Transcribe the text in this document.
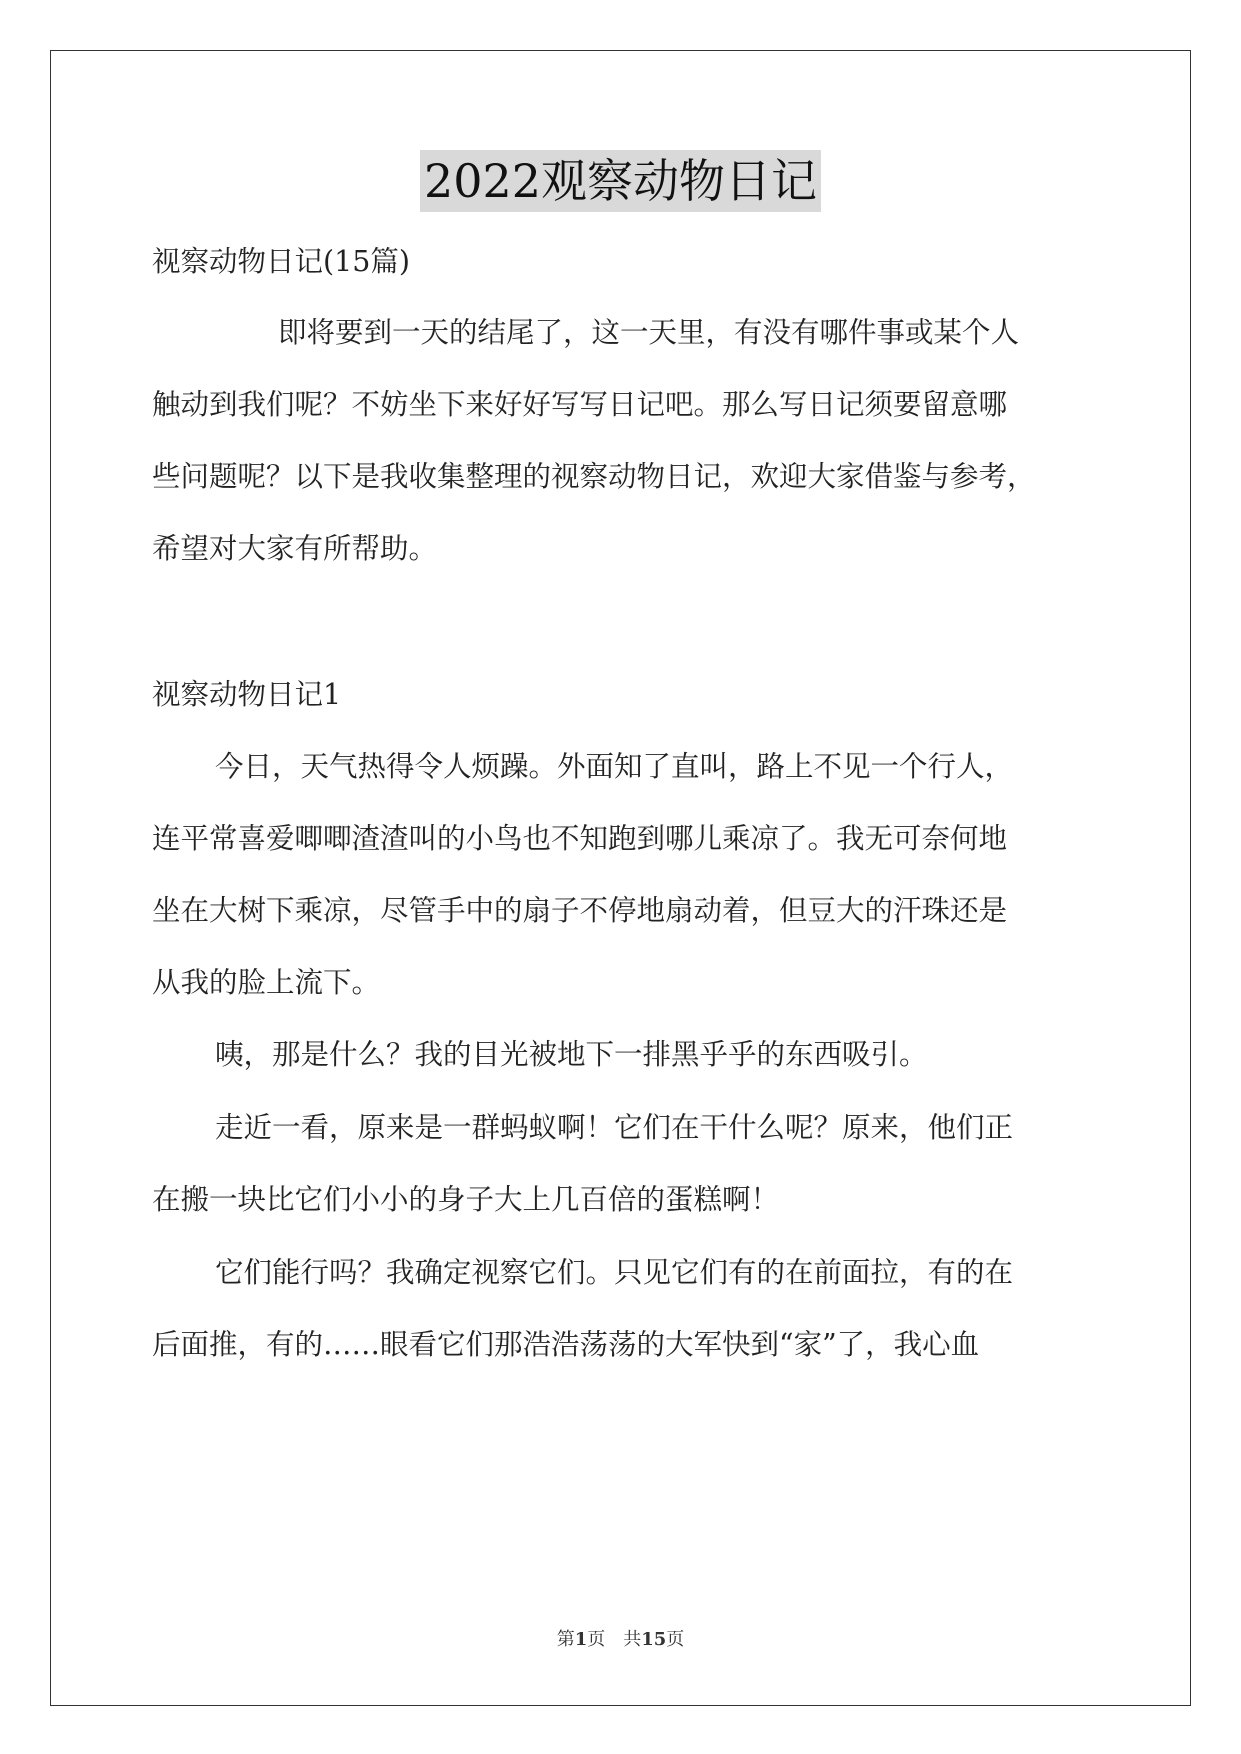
2022观察动物日记
视察动物日记(15篇)
即将要到一天的结尾了，这一天里，有没有哪件事或某个人
触动到我们呢？不妨坐下来好好写写日记吧。那么写日记须要留意哪
些问题呢？以下是我收集整理的视察动物日记，欢迎大家借鉴与参考，
希望对大家有所帮助。
视察动物日记1
今日，天气热得令人烦躁。外面知了直叫，路上不见一个行人，
连平常喜爱唧唧渣渣叫的小鸟也不知跑到哪儿乘凉了。我无可奈何地
坐在大树下乘凉，尽管手中的扇子不停地扇动着，但豆大的汗珠还是
从我的脸上流下。
咦，那是什么？我的目光被地下一排黑乎乎的东西吸引。
走近一看，原来是一群蚂蚁啊！它们在干什么呢？原来，他们正
在搬一块比它们小小的身子大上几百倍的蛋糕啊！
它们能行吗？我确定视察它们。只见它们有的在前面拉，有的在
后面推，有的……眼看它们那浩浩荡荡的大军快到“家”了，我心血
第1页　共15页
